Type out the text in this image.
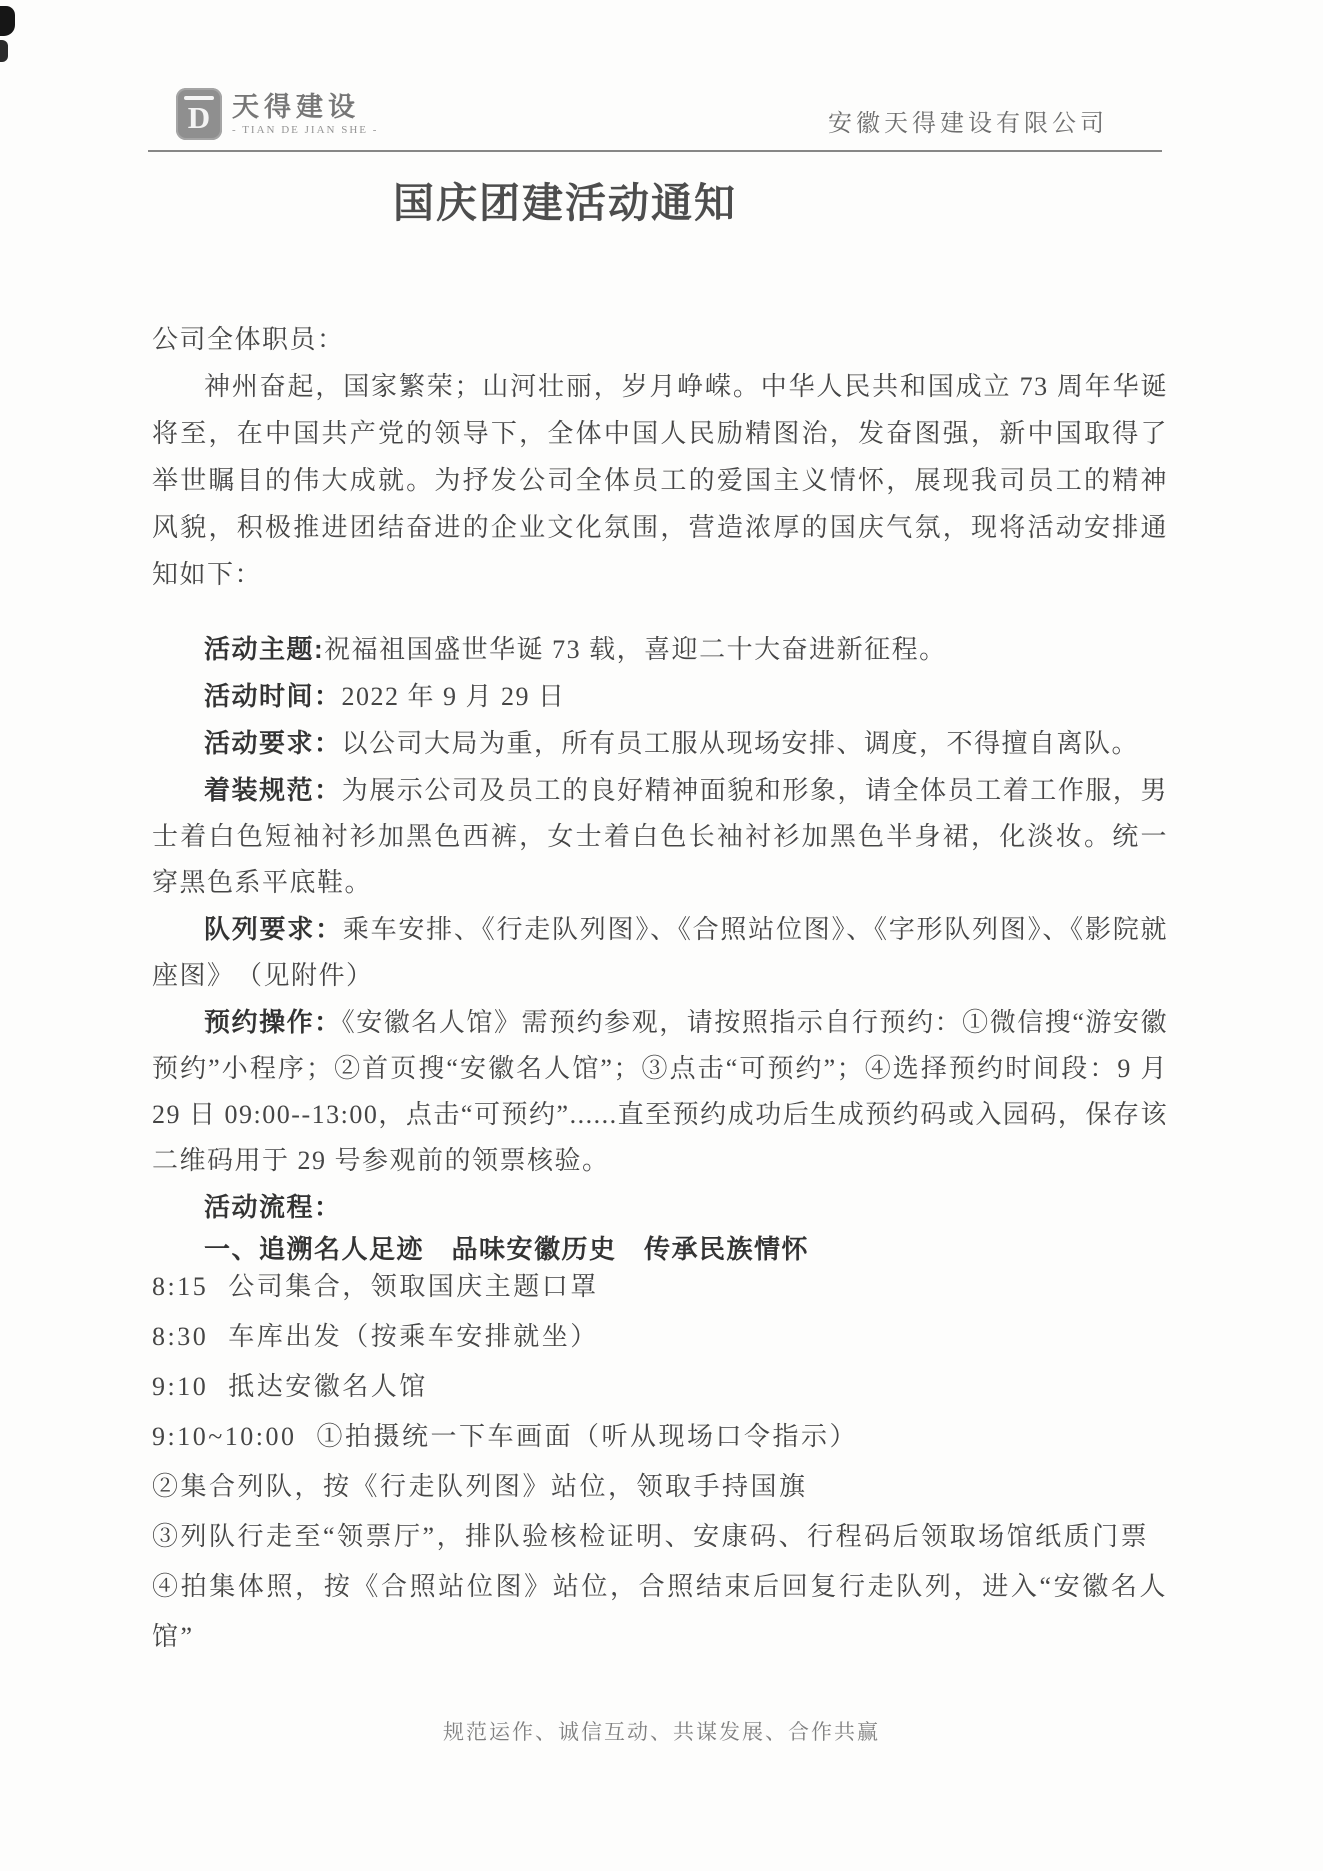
D 天得建设
- TIAN DE JIAN SHE -	安徽天得建设有限公司
国庆团建活动通知

公司全体职员：

神州奋起，国家繁荣；山河壮丽，岁月峥嵘。中华人民共和国成立 73 周年华诞将至，在中国共产党的领导下，全体中国人民励精图治，发奋图强，新中国取得了举世瞩目的伟大成就。为抒发公司全体员工的爱国主义情怀，展现我司员工的精神风貌，积极推进团结奋进的企业文化氛围，营造浓厚的国庆气氛，现将活动安排通知如下：

活动主题:祝福祖国盛世华诞 73 载，喜迎二十大奋进新征程。

活动时间：2022 年 9 月 29 日

活动要求：以公司大局为重，所有员工服从现场安排、调度，不得擅自离队。

着装规范：为展示公司及员工的良好精神面貌和形象，请全体员工着工作服，男士着白色短袖衬衫加黑色西裤，女士着白色长袖衬衫加黑色半身裙，化淡妆。统一穿黑色系平底鞋。

队列要求：乘车安排、《行走队列图》、《合照站位图》、《字形队列图》、《影院就座图》　（见附件）

预约操作：《安徽名人馆》需预约参观，请按照指示自行预约：①微信搜“游安徽预约”小程序；②首页搜“安徽名人馆”；③点击“可预约”；④选择预约时间段：9 月 29 日 09:00--13:00，点击“可预约”......直至预约成功后生成预约码或入园码，保存该二维码用于 29 号参观前的领票核验。

活动流程：

一、追溯名人足迹　品味安徽历史　传承民族情怀

8:15 公司集合，领取国庆主题口罩

8:30 车库出发（按乘车安排就坐）

9:10 抵达安徽名人馆

9:10~10:00 ①拍摄统一下车画面（听从现场口令指示）

②集合列队，按《行走队列图》站位，领取手持国旗

③列队行走至“领票厅”，排队验核检证明、安康码、行程码后领取场馆纸质门票

④拍集体照，按《合照站位图》站位，合照结束后回复行走队列，进入“安徽名人馆”

规范运作、诚信互动、共谋发展、合作共赢
